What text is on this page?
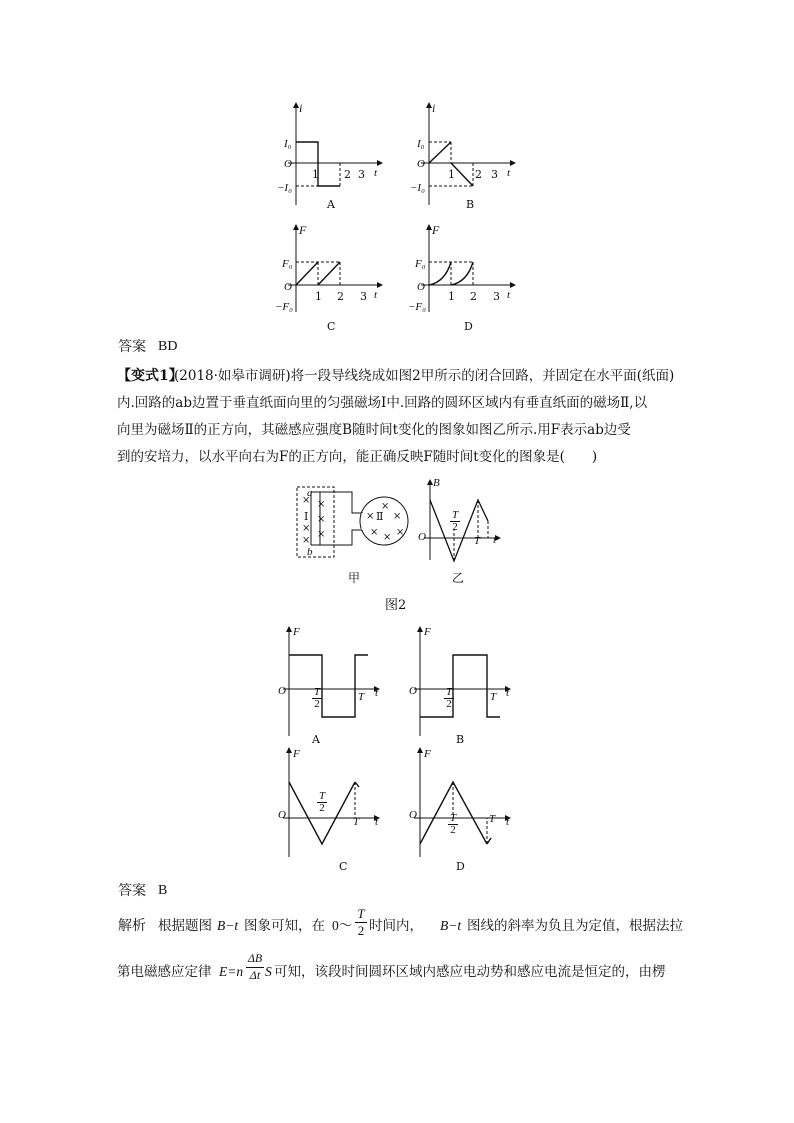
i
I₀
O
−I₀
1 2 3 t
A
i
I₀
O
−I₀
1 2 3 t
B
F
F₀
O
−F₀
1 2 3 t
C
F
F₀
O
−F₀
1 2 3 t
D
答案 BD
【变式1】
(2018·如皋市调研)将一段导线绕成如图2甲所示的闭合回路，并固定在水平面(纸面)
内.回路的ab边置于垂直纸面向里的匀强磁场Ⅰ中.回路的圆环区域内有垂直纸面的磁场Ⅱ,以
向里为磁场Ⅱ的正方向，其磁感应强度B随时间t变化的图象如图乙所示.用F表示ab边受
到的安培力，以水平向右为F的正方向，能正确反映F随时间t变化的图象是(　　)
a
b
Ⅰ	Ⅱ
×
×
×
×
×
×
×
× ×
× × ×
B
O	t
T
T
2
甲	乙
图2
F
O	T
2
T t
A
F
O	T
2
T t
B
F
O
T
2
T t
C
F
O	T
2
T t
D
答案 B
解析 根据题图 B−t 图象可知，在 0～
T
2 时间内， B−t 图线的斜率为负且为定值，根据法拉
第电磁感应定律 E=n
ΔB
Δt S 可知，该段时间圆环区域内感应电动势和感应电流是恒定的，由楞
